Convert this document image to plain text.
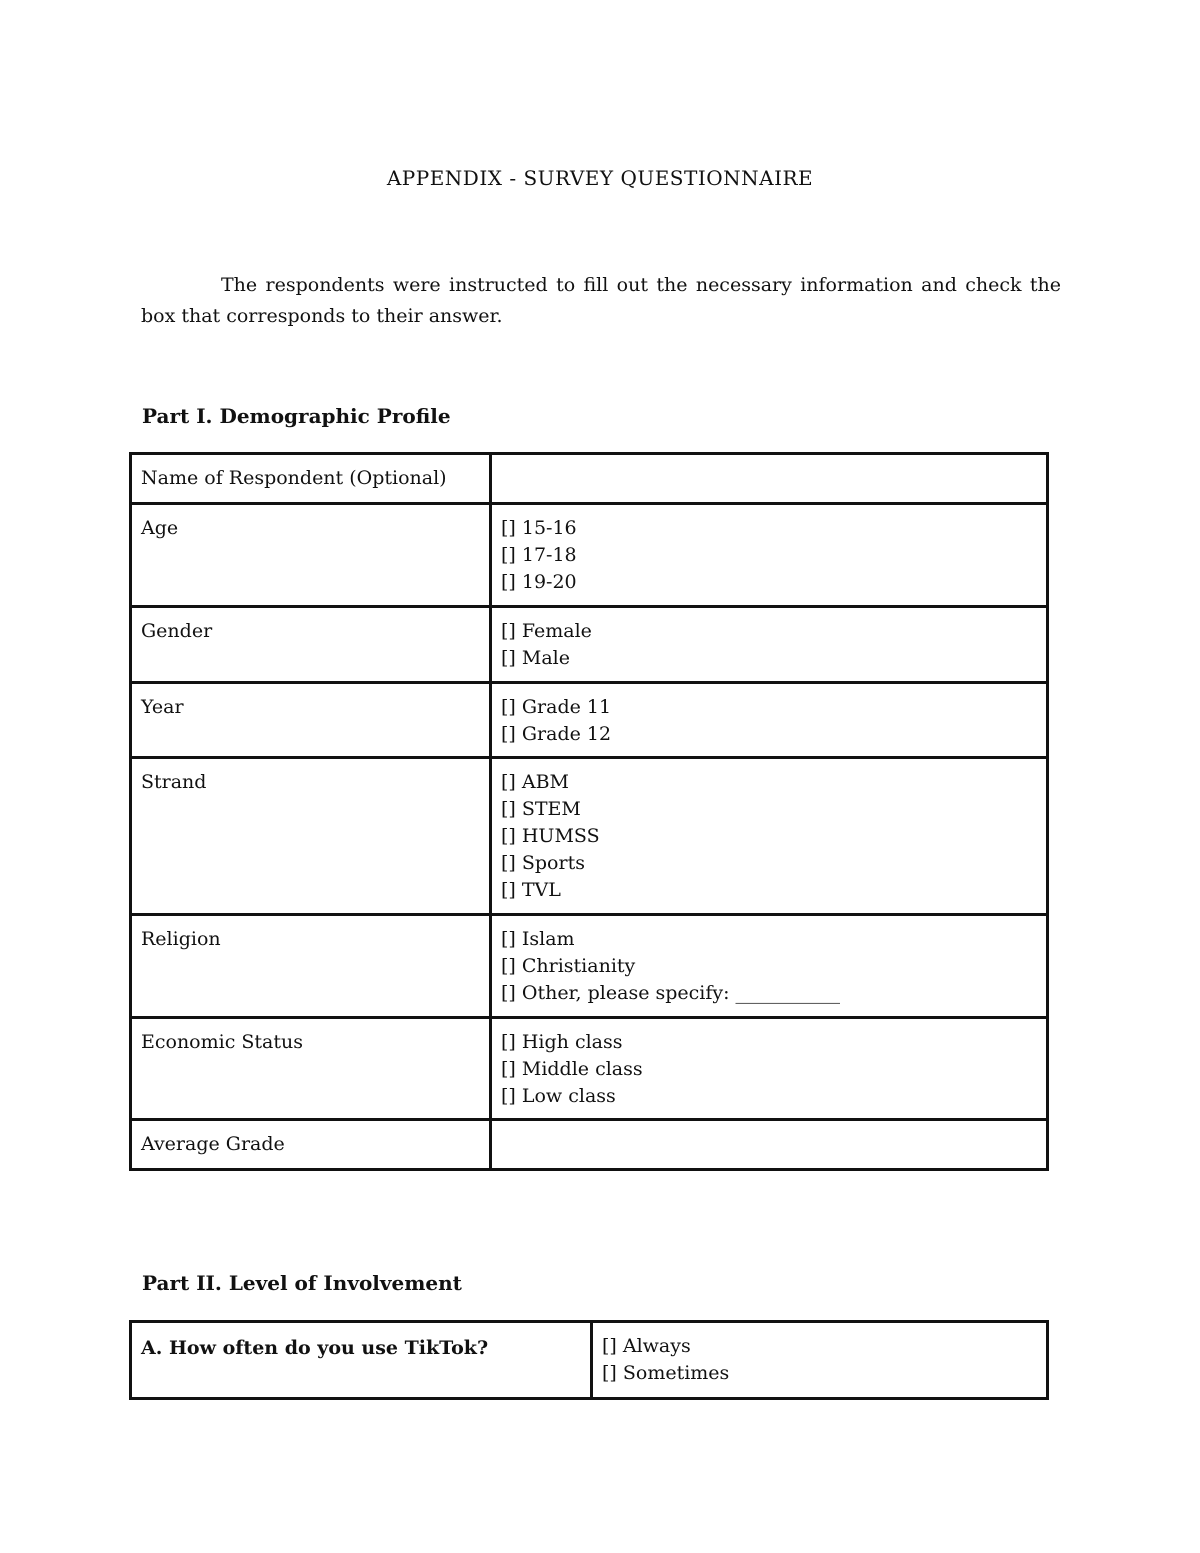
APPENDIX - SURVEY QUESTIONNAIRE

The respondents were instructed to fill out the necessary information and check the box that corresponds to their answer.

Part I. Demographic Profile
Name of Respondent (Optional)	
Age	[] 15-16
[] 17-18
[] 19-20

Gender	[] Female
[] Male

Year	[] Grade 11
[] Grade 12

Strand	[] ABM
[] STEM
[] HUMSS
[] Sports
[] TVL

Religion	[] Islam
[] Christianity
[] Other, please specify: ___________

Economic Status	[] High class
[] Middle class
[] Low class

Average Grade	
Part II. Level of Involvement
A. How often do you use TikTok?	[] Always
[] Sometimes
